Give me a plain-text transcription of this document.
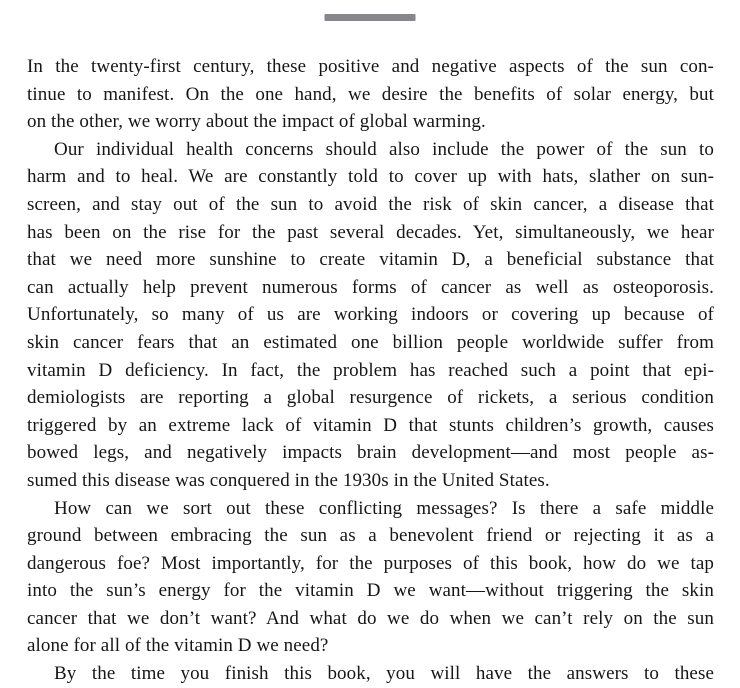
In the twenty-first century, these positive and negative aspects of the sun con-
tinue to manifest. On the one hand, we desire the benefits of solar energy, but
on the other, we worry about the impact of global warming.
Our individual health concerns should also include the power of the sun to
harm and to heal. We are constantly told to cover up with hats, slather on sun-
screen, and stay out of the sun to avoid the risk of skin cancer, a disease that
has been on the rise for the past several decades. Yet, simultaneously, we hear
that we need more sunshine to create vitamin D, a beneficial substance that
can actually help prevent numerous forms of cancer as well as osteoporosis.
Unfortunately, so many of us are working indoors or covering up because of
skin cancer fears that an estimated one billion people worldwide suffer from
vitamin D deficiency. In fact, the problem has reached such a point that epi-
demiologists are reporting a global resurgence of rickets, a serious condition
triggered by an extreme lack of vitamin D that stunts children’s growth, causes
bowed legs, and negatively impacts brain development—and most people as-
sumed this disease was conquered in the 1930s in the United States.
How can we sort out these conflicting messages? Is there a safe middle
ground between embracing the sun as a benevolent friend or rejecting it as a
dangerous foe? Most importantly, for the purposes of this book, how do we tap
into the sun’s energy for the vitamin D we want—without triggering the skin
cancer that we don’t want? And what do we do when we can’t rely on the sun
alone for all of the vitamin D we need?
By the time you finish this book, you will have the answers to these
